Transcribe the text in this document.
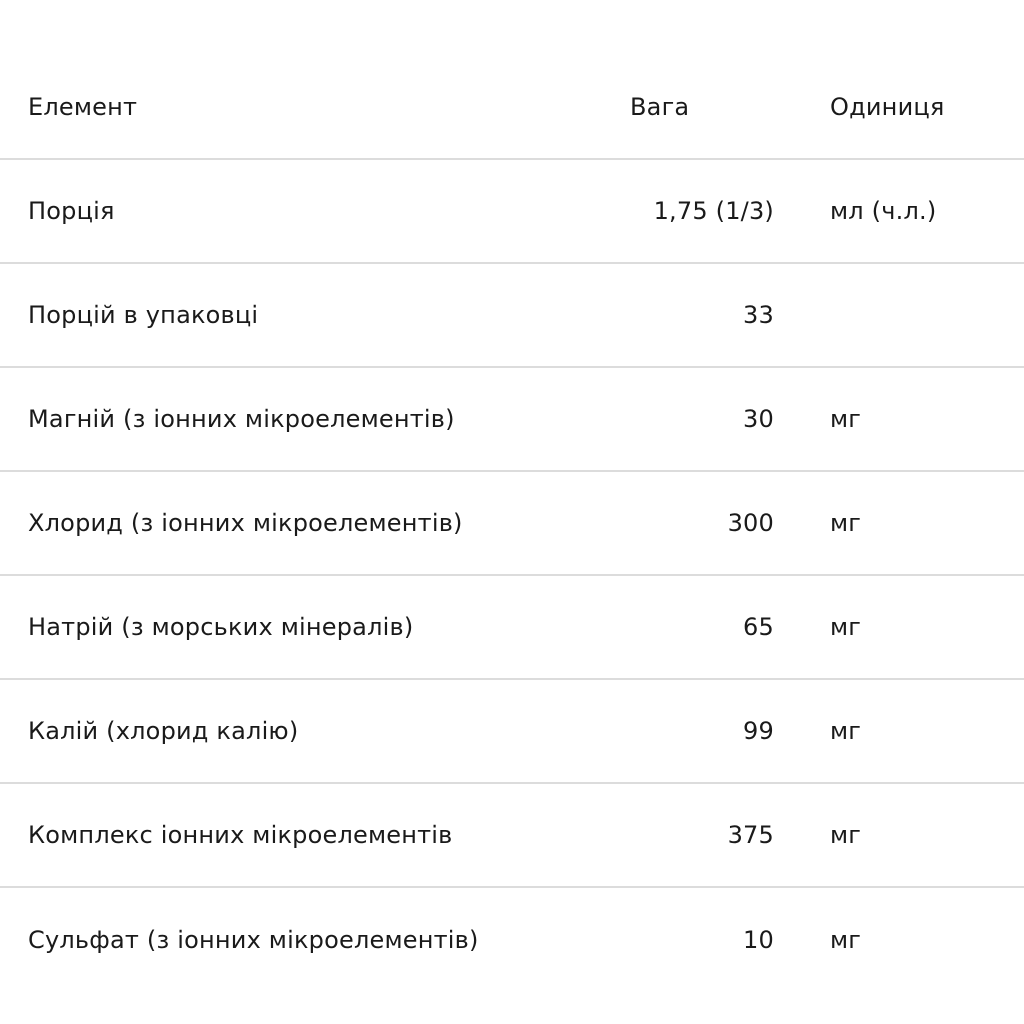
Елемент	Вага	Одиниця
Порція	1,75 (1/3) мл (ч.л.)
Порцій в упаковці	33
Магній (з іонних мікроелементів)	30 мг
Хлорид (з іонних мікроелементів)	300 мг
Натрій (з морських мінералів)	65 мг
Калій (хлорид калію)	99 мг
Комплекс іонних мікроелементів	375 мг
Сульфат (з іонних мікроелементів)	10 мг
